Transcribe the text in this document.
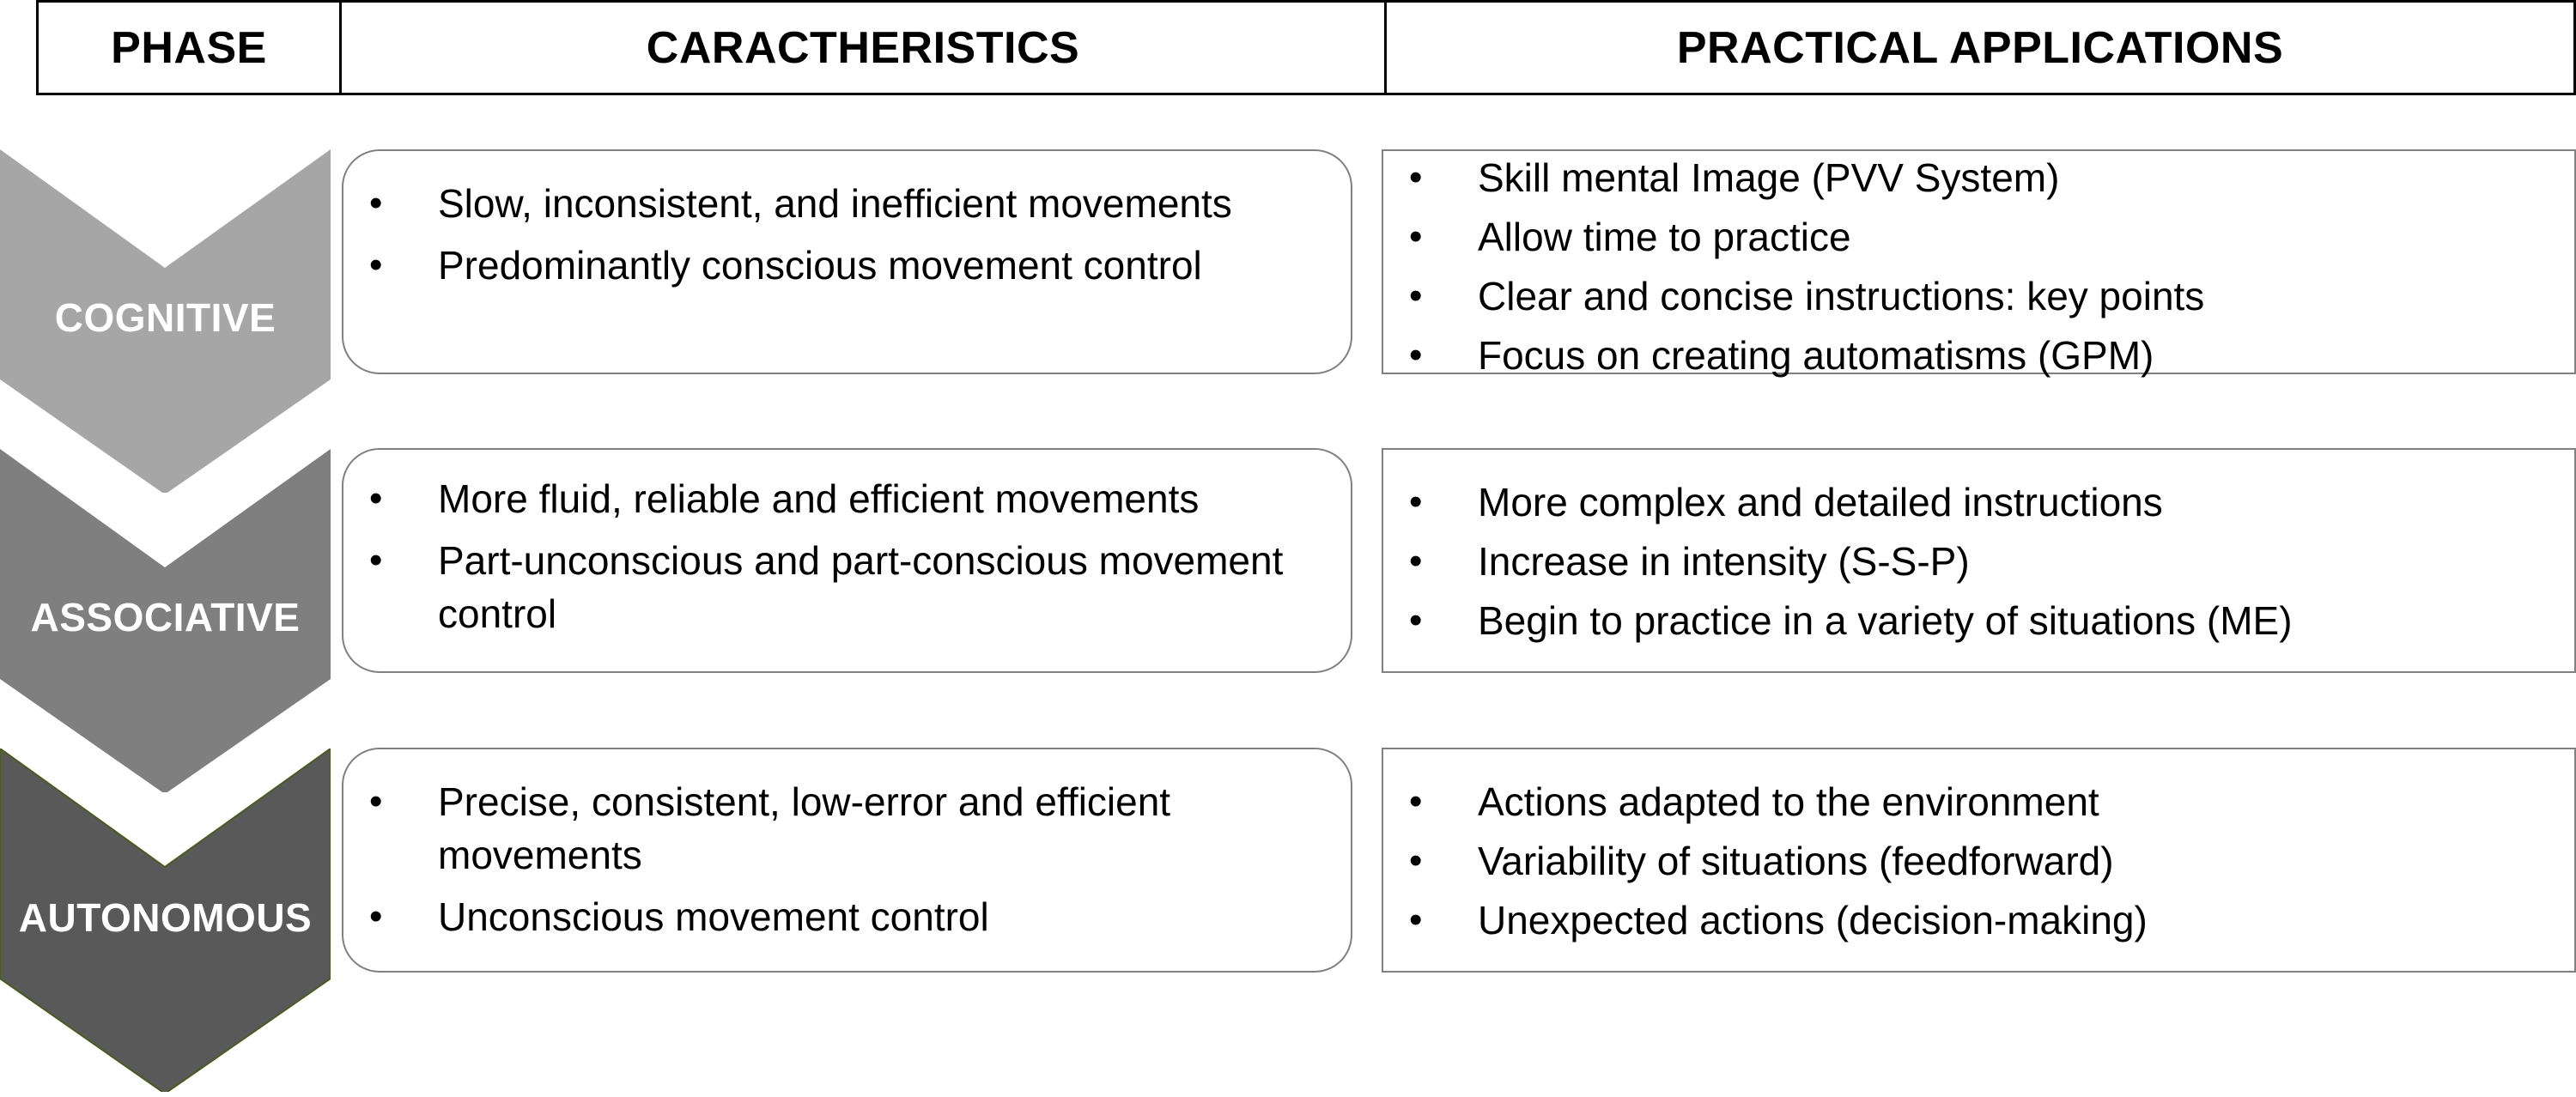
PHASE	CARACTHERISTICS	PRACTICAL APPLICATIONS
COGNITIVE
• Slow, inconsistent, and inefficient movements
• Predominantly conscious movement control
• Skill mental Image (PVV System)
• Allow time to practice
• Clear and concise instructions: key points
• Focus on creating automatisms (GPM)
ASSOCIATIVE
• More fluid, reliable and efficient movements
• Part-unconscious and part-conscious movement control
• More complex and detailed instructions
• Increase in intensity (S-S-P)
• Begin to practice in a variety of situations (ME)
AUTONOMOUS
• Precise, consistent, low-error and efficient movements
• Unconscious movement control
• Actions adapted to the environment
• Variability of situations (feedforward)
• Unexpected actions (decision-making)
